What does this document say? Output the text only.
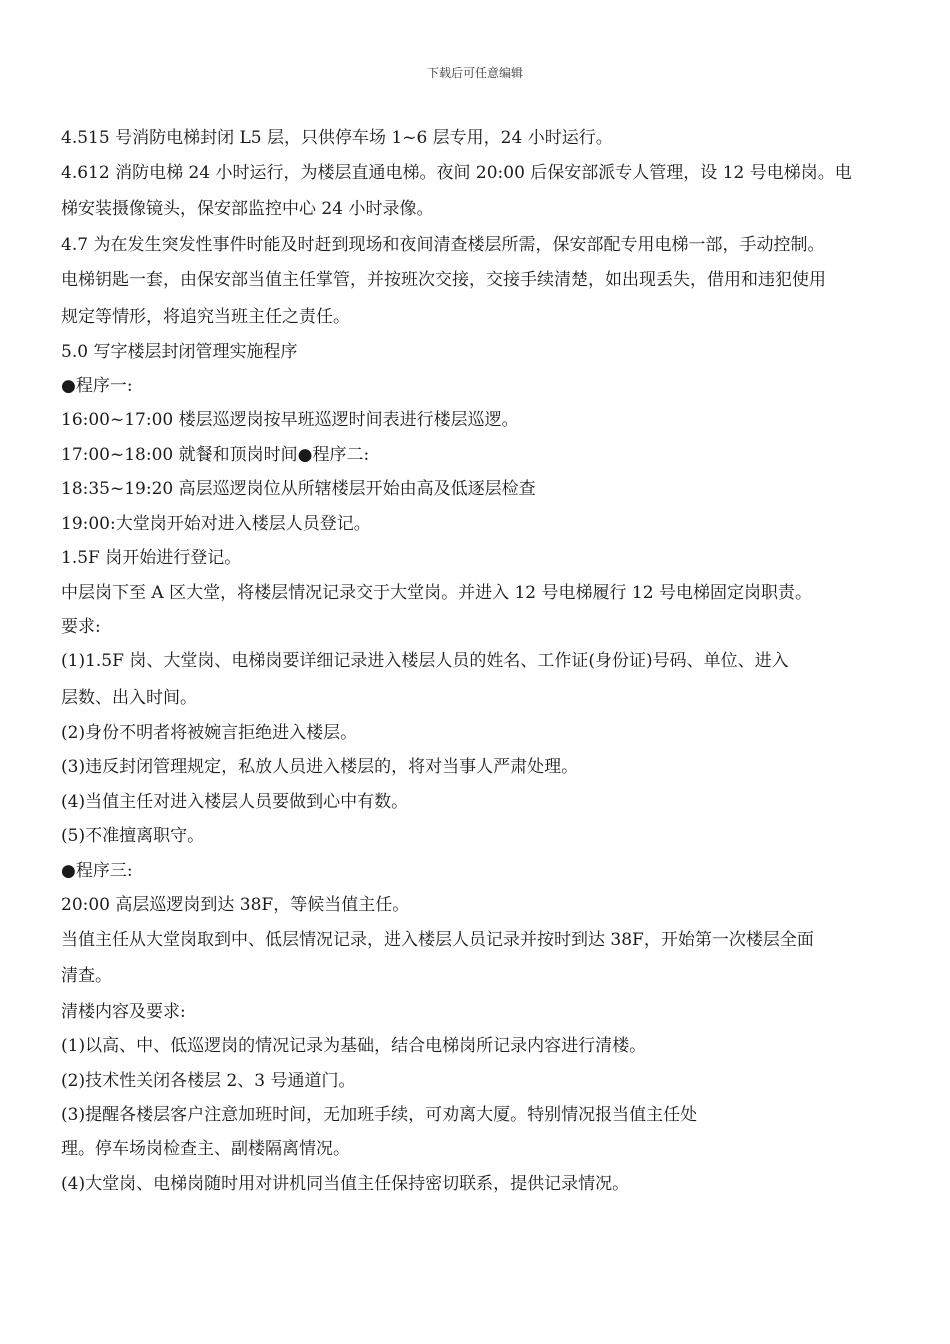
下载后可任意编辑
4.515 号消防电梯封闭 L5 层，只供停车场 1~6 层专用，24 小时运行。
4.612 消防电梯 24 小时运行，为楼层直通电梯。夜间 20:00 后保安部派专人管理，设 12 号电梯岗。电
梯安装摄像镜头，保安部监控中心 24 小时录像。
4.7 为在发生突发性事件时能及时赶到现场和夜间清查楼层所需，保安部配专用电梯一部，手动控制。
电梯钥匙一套，由保安部当值主任掌管，并按班次交接，交接手续清楚，如出现丢失，借用和违犯使用
规定等情形，将追究当班主任之责任。
5.0 写字楼层封闭管理实施程序
●程序一:
16:00~17:00 楼层巡逻岗按早班巡逻时间表进行楼层巡逻。
17:00~18:00 就餐和顶岗时间●程序二:
18:35~19:20 高层巡逻岗位从所辖楼层开始由高及低逐层检查
19:00:大堂岗开始对进入楼层人员登记。
1.5F 岗开始进行登记。
中层岗下至 A 区大堂，将楼层情况记录交于大堂岗。并进入 12 号电梯履行 12 号电梯固定岗职责。
要求:
(1)1.5F 岗、大堂岗、电梯岗要详细记录进入楼层人员的姓名、工作证(身份证)号码、单位、进入
层数、出入时间。
(2)身份不明者将被婉言拒绝进入楼层。
(3)违反封闭管理规定，私放人员进入楼层的，将对当事人严肃处理。
(4)当值主任对进入楼层人员要做到心中有数。
(5)不准擅离职守。
●程序三:
20:00 高层巡逻岗到达 38F，等候当值主任。
当值主任从大堂岗取到中、低层情况记录，进入楼层人员记录并按时到达 38F，开始第一次楼层全面
清查。
清楼内容及要求:
(1)以高、中、低巡逻岗的情况记录为基础，结合电梯岗所记录内容进行清楼。
(2)技术性关闭各楼层 2、3 号通道门。
(3)提醒各楼层客户注意加班时间，无加班手续，可劝离大厦。特别情况报当值主任处
理。停车场岗检查主、副楼隔离情况。
(4)大堂岗、电梯岗随时用对讲机同当值主任保持密切联系，提供记录情况。
